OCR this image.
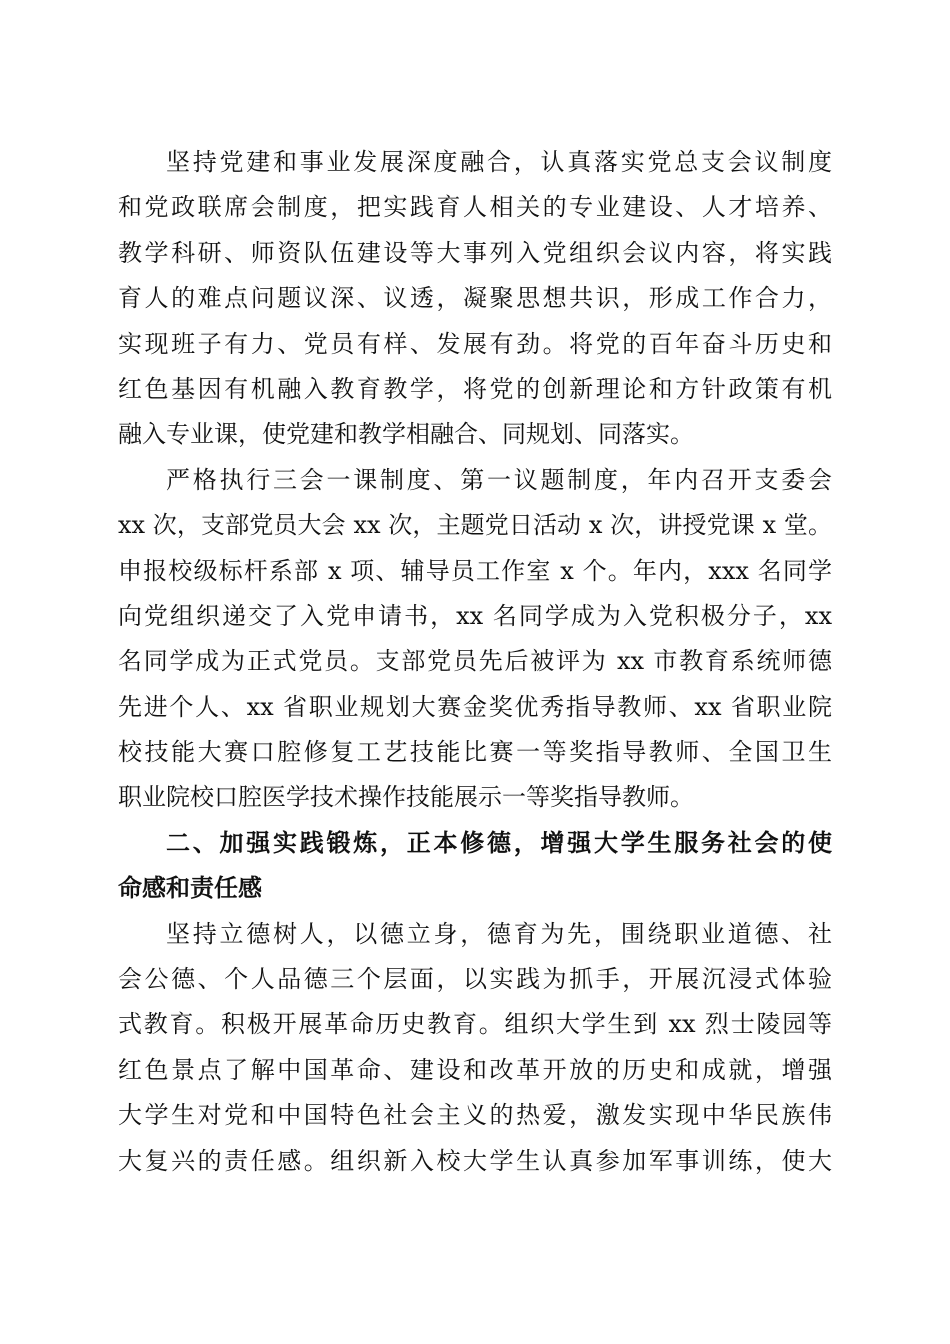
坚持党建和事业发展深度融合，认真落实党总支会议制度
和党政联席会制度，把实践育人相关的专业建设、人才培养、
教学科研、师资队伍建设等大事列入党组织会议内容，将实践
育人的难点问题议深、议透，凝聚思想共识，形成工作合力，
实现班子有力、党员有样、发展有劲。将党的百年奋斗历史和
红色基因有机融入教育教学，将党的创新理论和方针政策有机
融入专业课，使党建和教学相融合、同规划、同落实。
严格执行三会一课制度、第一议题制度，年内召开支委会
xx 次，支部党员大会 xx 次，主题党日活动 x 次，讲授党课 x 堂。
申报校级标杆系部 x 项、辅导员工作室 x 个。年内，xxx 名同学
向党组织递交了入党申请书，xx 名同学成为入党积极分子，xx
名同学成为正式党员。支部党员先后被评为 xx 市教育系统师德
先进个人、xx 省职业规划大赛金奖优秀指导教师、xx 省职业院
校技能大赛口腔修复工艺技能比赛一等奖指导教师、全国卫生
职业院校口腔医学技术操作技能展示一等奖指导教师。
二、加强实践锻炼，正本修德，增强大学生服务社会的使
命感和责任感
坚持立德树人，以德立身，德育为先，围绕职业道德、社
会公德、个人品德三个层面，以实践为抓手，开展沉浸式体验
式教育。积极开展革命历史教育。组织大学生到 xx 烈士陵园等
红色景点了解中国革命、建设和改革开放的历史和成就，增强
大学生对党和中国特色社会主义的热爱，激发实现中华民族伟
大复兴的责任感。组织新入校大学生认真参加军事训练，使大
